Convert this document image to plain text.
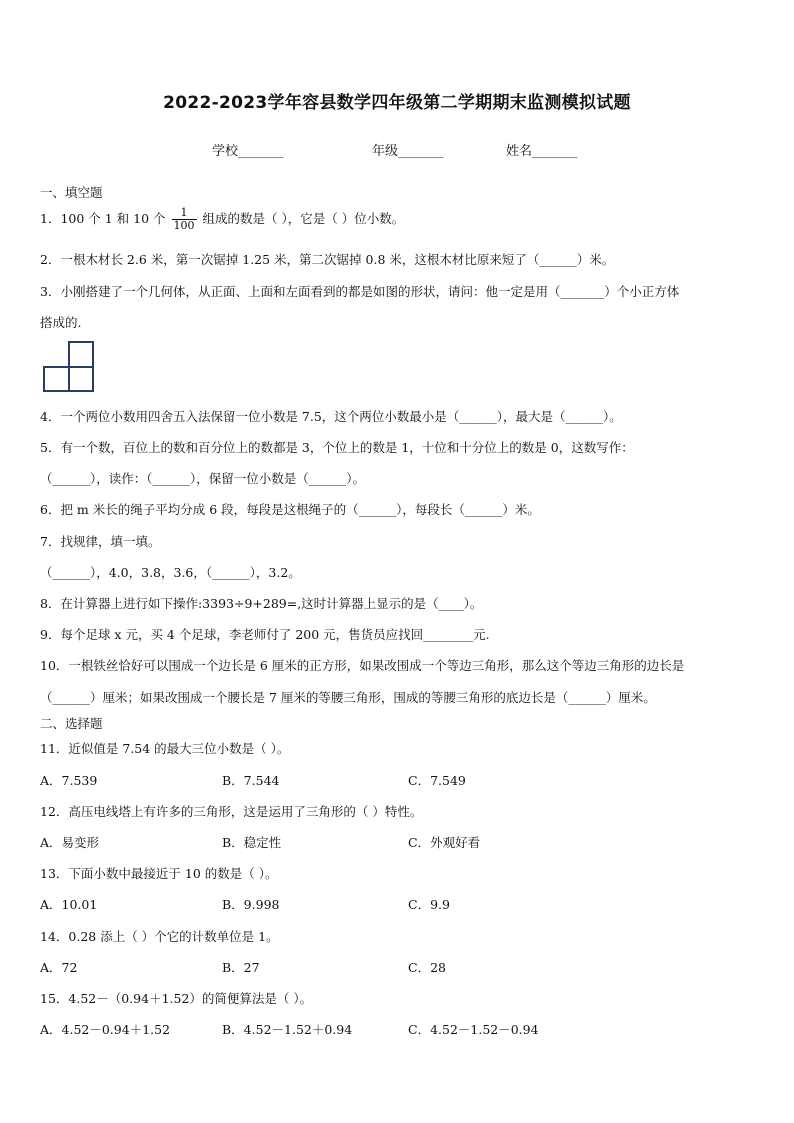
2022-2023学年容县数学四年级第二学期期末监测模拟试题
学校_______	年级_______	姓名_______
一、填空题
1．100 个 1 和 10 个 $\frac{1}{100}$ 组成的数是（ ），它是（ ）位小数。
2．一根木材长 2.6 米，第一次锯掉 1.25 米，第二次锯掉 0.8 米，这根木材比原来短了（______）米。
3．小刚搭建了一个几何体，从正面、上面和左面看到的都是如图的形状，请问：他一定是用（_______）个小正方体
搭成的.
4．一个两位小数用四舍五入法保留一位小数是 7.5，这个两位小数最小是（______），最大是（______）。
5．有一个数，百位上的数和百分位上的数都是 3，个位上的数是 1，十位和十分位上的数是 0，这数写作：
（______），读作：（______），保留一位小数是（______）。
6．把 m 米长的绳子平均分成 6 段，每段是这根绳子的（______），每段长（______）米。
7．找规律，填一填。
（______），4.0，3.8，3.6，（______），3.2。
8．在计算器上进行如下操作:3393÷9+289=,这时计算器上显示的是（____）。
9．每个足球 x 元，买 4 个足球，李老师付了 200 元，售货员应找回________元.
10．一根铁丝恰好可以围成一个边长是 6 厘米的正方形，如果改围成一个等边三角形，那么这个等边三角形的边长是
（______）厘米；如果改围成一个腰长是 7 厘米的等腰三角形，围成的等腰三角形的底边长是（______）厘米。
二、选择题
11．近似值是 7.54 的最大三位小数是（ ）。
A．7.539	B．7.544	C．7.549
12．高压电线塔上有许多的三角形，这是运用了三角形的（ ）特性。
A．易变形	B．稳定性	C．外观好看
13．下面小数中最接近于 10 的数是（ ）。
A．10.01	B．9.998	C．9.9
14．0.28 添上（ ）个它的计数单位是 1。
A．72	B．27	C．28
15．4.52－（0.94＋1.52）的简便算法是（ ）。
A．4.52－0.94＋1.52	B．4.52－1.52＋0.94	C．4.52－1.52－0.94
